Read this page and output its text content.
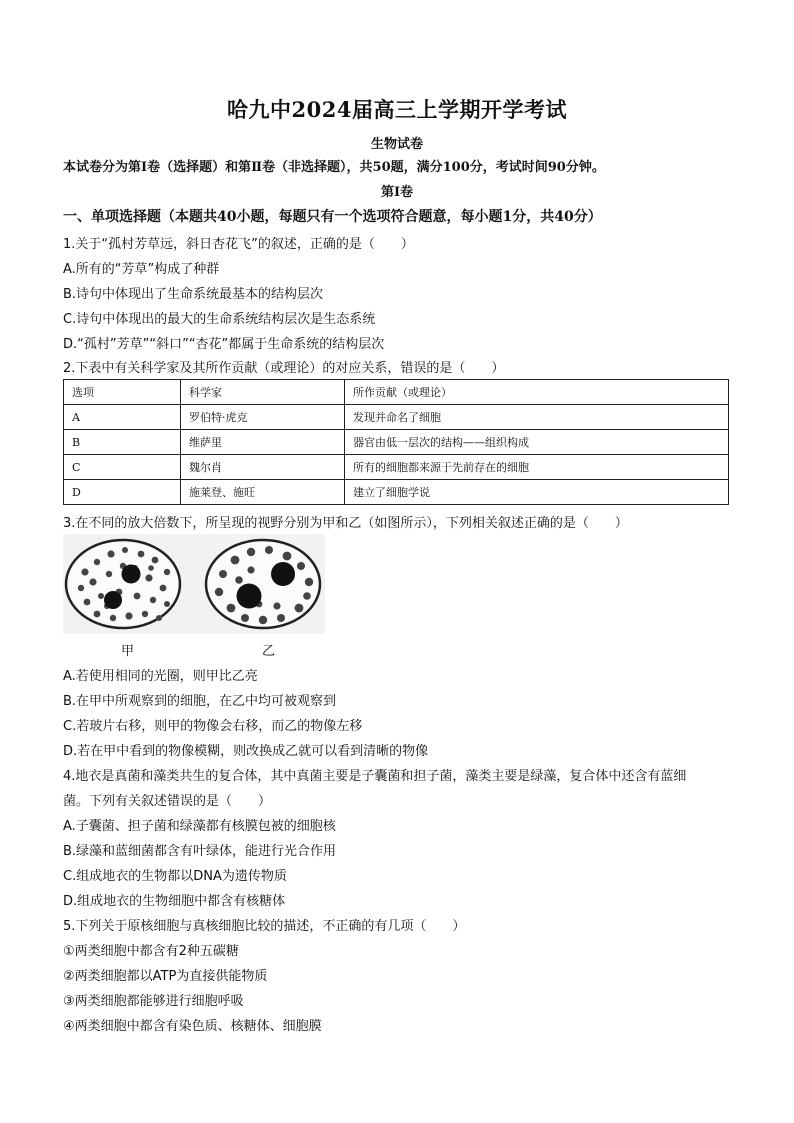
哈九中2024届高三上学期开学考试
生物试卷
本试卷分为第Ⅰ卷（选择题）和第Ⅱ卷（非选择题），共50题，满分100分，考试时间90分钟。
第Ⅰ卷
一、单项选择题（本题共40小题，每题只有一个选项符合题意，每小题1分，共40分）
1.关于“孤村芳草远，斜日杏花飞”的叙述，正确的是（　　）
A.所有的“芳草”构成了种群
B.诗句中体现出了生命系统最基本的结构层次
C.诗句中体现出的最大的生命系统结构层次是生态系统
D.“孤村”芳草”“斜口”“杏花”都属于生命系统的结构层次
2.下表中有关科学家及其所作贡献（或理论）的对应关系，错误的是（　　）
选项	科学家	所作贡献（或理论）
A	罗伯特·虎克	发现并命名了细胞
B	维萨里	器官由低一层次的结构——组织构成
C	魏尔肖	所有的细胞都来源于先前存在的细胞
D	施莱登、施旺	建立了细胞学说
3.在不同的放大倍数下，所呈现的视野分别为甲和乙（如图所示），下列相关叙述正确的是（　　）
甲	乙
A.若使用相同的光圈，则甲比乙亮
B.在甲中所观察到的细胞，在乙中均可被观察到
C.若玻片右移，则甲的物像会右移，而乙的物像左移
D.若在甲中看到的物像模糊，则改换成乙就可以看到清晰的物像
4.地衣是真菌和藻类共生的复合体，其中真菌主要是子囊菌和担子菌，藻类主要是绿藻，复合体中还含有蓝细
菌。下列有关叙述错误的是（　　）
A.子囊菌、担子菌和绿藻都有核膜包被的细胞核
B.绿藻和蓝细菌都含有叶绿体，能进行光合作用
C.组成地衣的生物都以DNA为遗传物质
D.组成地衣的生物细胞中都含有核糖体
5.下列关于原核细胞与真核细胞比较的描述，不正确的有几项（　　）
①两类细胞中都含有2种五碳糖
②两类细胞都以ATP为直接供能物质
③两类细胞都能够进行细胞呼吸
④两类细胞中都含有染色质、核糖体、细胞膜
